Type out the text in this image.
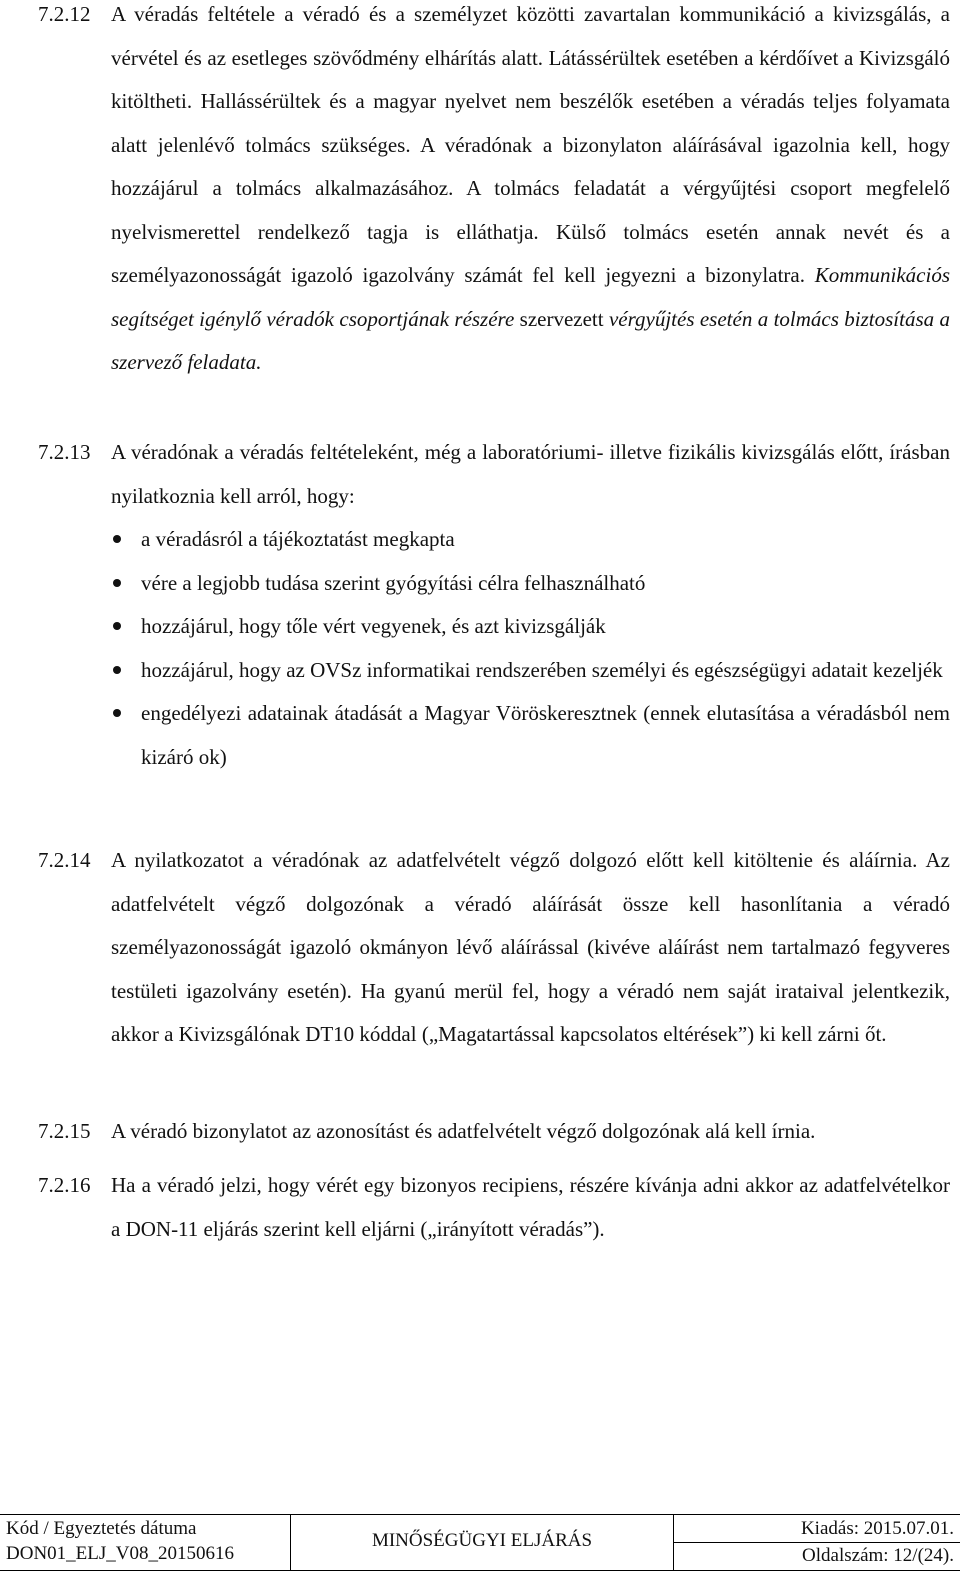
7.2.12 A véradás feltétele a véradó és a személyzet közötti zavartalan kommunikáció a kivizsgálás, a vérvétel és az esetleges szövődmény elhárítás alatt. Látássérültek esetében a kérdőívet a Kivizsgáló kitöltheti. Hallássérültek és a magyar nyelvet nem beszélők esetében a véradás teljes folyamata alatt jelenlévő tolmács szükséges. A véradónak a bizonylaton aláírásával igazolnia kell, hogy hozzájárul a tolmács alkalmazásához. A tolmács feladatát a vérgyűjtési csoport megfelelő nyelvismerettel rendelkező tagja is elláthatja. Külső tolmács esetén annak nevét és a személyazonosságát igazoló igazolvány számát fel kell jegyezni a bizonylatra. Kommunikációs segítséget igénylő véradók csoportjának részére szervezett vérgyűjtés esetén a tolmács biztosítása a szervező feladata.

7.2.13 A véradónak a véradás feltételeként, még a laboratóriumi- illetve fizikális kivizsgálás előtt, írásban nyilatkoznia kell arról, hogy:

a véradásról a tájékoztatást megkapta
vére a legjobb tudása szerint gyógyítási célra felhasználható
hozzájárul, hogy tőle vért vegyenek, és azt kivizsgálják
hozzájárul, hogy az OVSz informatikai rendszerében személyi és egészségügyi adatait kezeljék
engedélyezi adatainak átadását a Magyar Vöröskeresztnek (ennek elutasítása a véradásból nem kizáró ok)
7.2.14 A nyilatkozatot a véradónak az adatfelvételt végző dolgozó előtt kell kitöltenie és aláírnia. Az adatfelvételt végző dolgozónak a véradó aláírását össze kell hasonlítania a véradó személyazonosságát igazoló okmányon lévő aláírással (kivéve aláírást nem tartalmazó fegyveres testületi igazolvány esetén). Ha gyanú merül fel, hogy a véradó nem saját irataival jelentkezik, akkor a Kivizsgálónak DT10 kóddal („Magatartással kapcsolatos eltérések”) ki kell zárni őt.

7.2.15 A véradó bizonylatot az azonosítást és adatfelvételt végző dolgozónak alá kell írnia.

7.2.16 Ha a véradó jelzi, hogy vérét egy bizonyos recipiens, részére kívánja adni akkor az adatfelvételkor a DON-11 eljárás szerint kell eljárni („irányított véradás”).

Kód / Egyeztetés dátuma
DON01_ELJ_V08_20150616
MINŐSÉGÜGYI ELJÁRÁS
Kiadás: 2015.07.01.
Oldalszám: 12/(24).
